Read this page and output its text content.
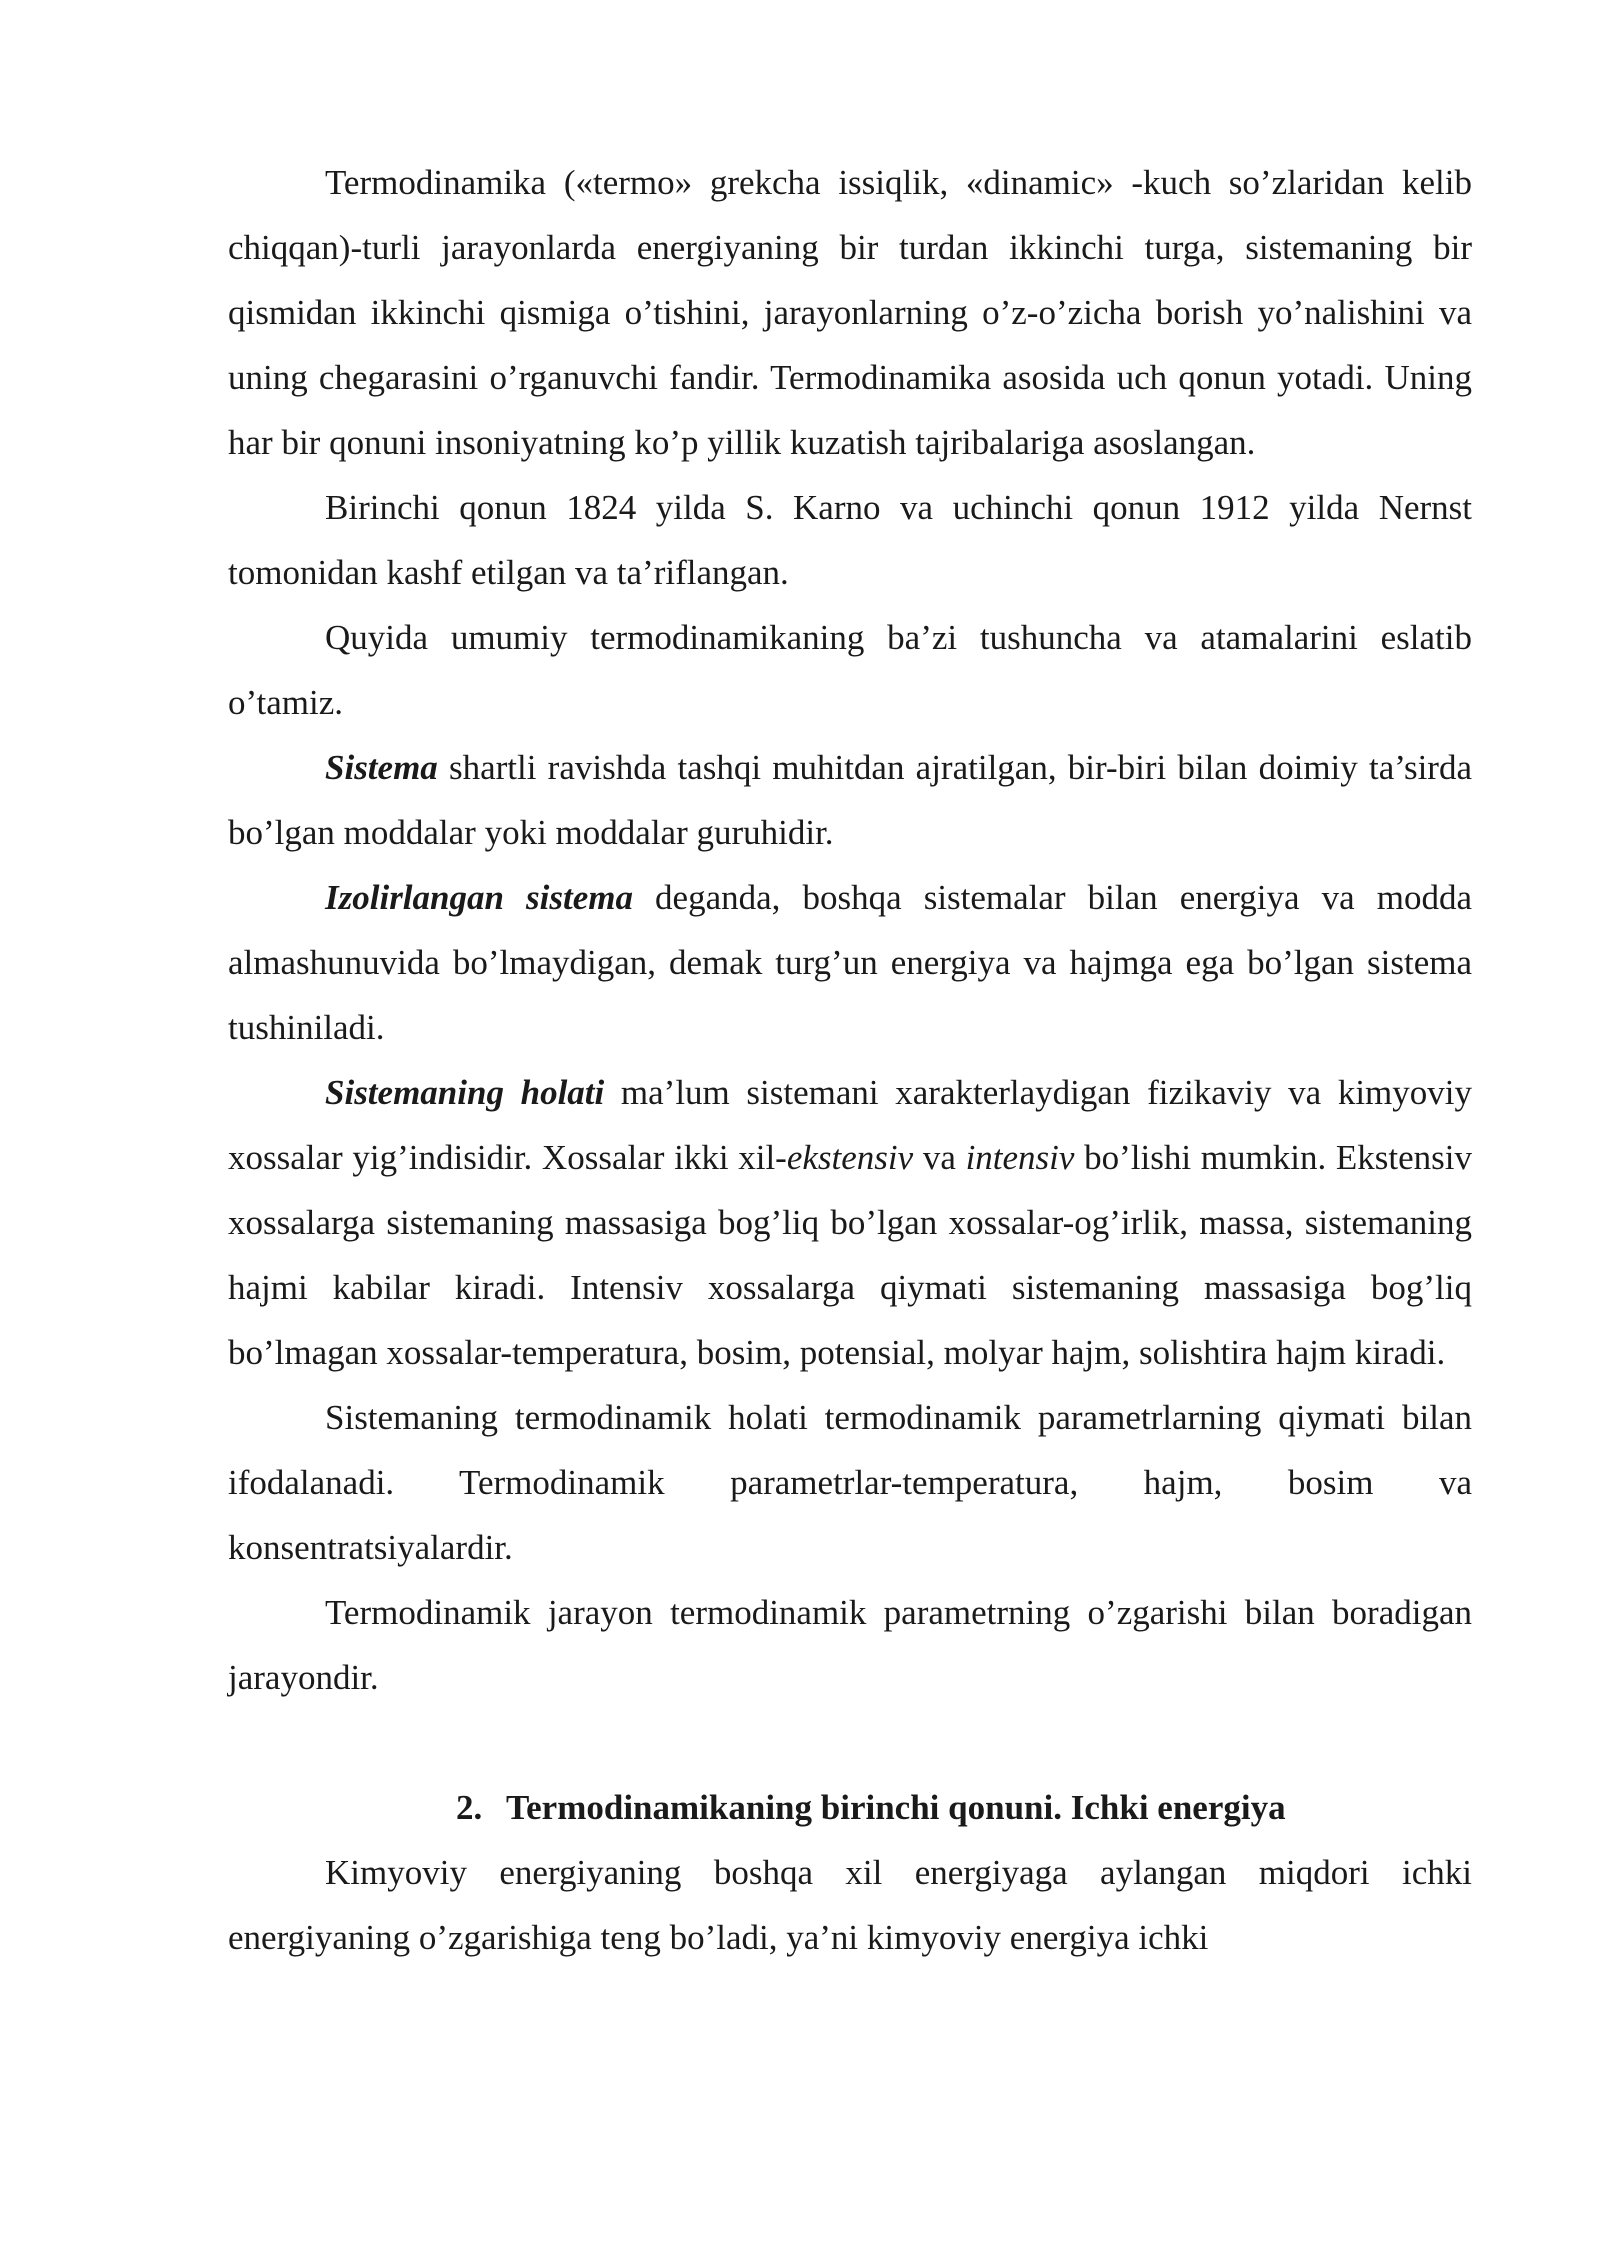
Termodinamika («termo» grekcha issiqlik, «dinamic» -kuch so’zlaridan kelib chiqqan)-turli jarayonlarda energiyaning bir turdan ikkinchi turga, sistemaning bir qismidan ikkinchi qismiga o’tishini, jarayonlarning o’z-o’zicha borish yo’nalishini va uning chegarasini o’rganuvchi fandir. Termodinamika asosida uch qonun yotadi. Uning har bir qonuni insoniyatning ko’p yillik kuzatish tajribalariga asoslangan.

Birinchi qonun 1824 yilda S. Karno va uchinchi qonun 1912 yilda Nernst tomonidan kashf etilgan va ta’riflangan.

Quyida umumiy termodinamikaning ba’zi tushuncha va atamalarini eslatib o’tamiz.

Sistema shartli ravishda tashqi muhitdan ajratilgan, bir-biri bilan doimiy ta’sirda bo’lgan moddalar yoki moddalar guruhidir.

Izolirlangan sistema deganda, boshqa sistemalar bilan energiya va modda almashunuvida bo’lmaydigan, demak turg’un energiya va hajmga ega bo’lgan sistema tushiniladi.

Sistemaning holati ma’lum sistemani xarakterlaydigan fizikaviy va kimyoviy xossalar yig’indisidir. Xossalar ikki xil-ekstensiv va intensiv bo’lishi mumkin. Ekstensiv xossalarga sistemaning massasiga bog’liq bo’lgan xossalar-og’irlik, massa, sistemaning hajmi kabilar kiradi. Intensiv xossalarga qiymati sistemaning massasiga bog’liq bo’lmagan xossalar-temperatura, bosim, potensial, molyar hajm, solishtira hajm kiradi.

Sistemaning termodinamik holati termodinamik parametrlarning qiymati bilan ifodalanadi. Termodinamik parametrlar-temperatura, hajm, bosim va konsentratsiyalardir.

Termodinamik jarayon termodinamik parametrning o’zgarishi bilan boradigan jarayondir.

2. Termodinamikaning birinchi qonuni. Ichki energiya

Kimyoviy energiyaning boshqa xil energiyaga aylangan miqdori ichki energiyaning o’zgarishiga teng bo’ladi, ya’ni kimyoviy energiya ichki
